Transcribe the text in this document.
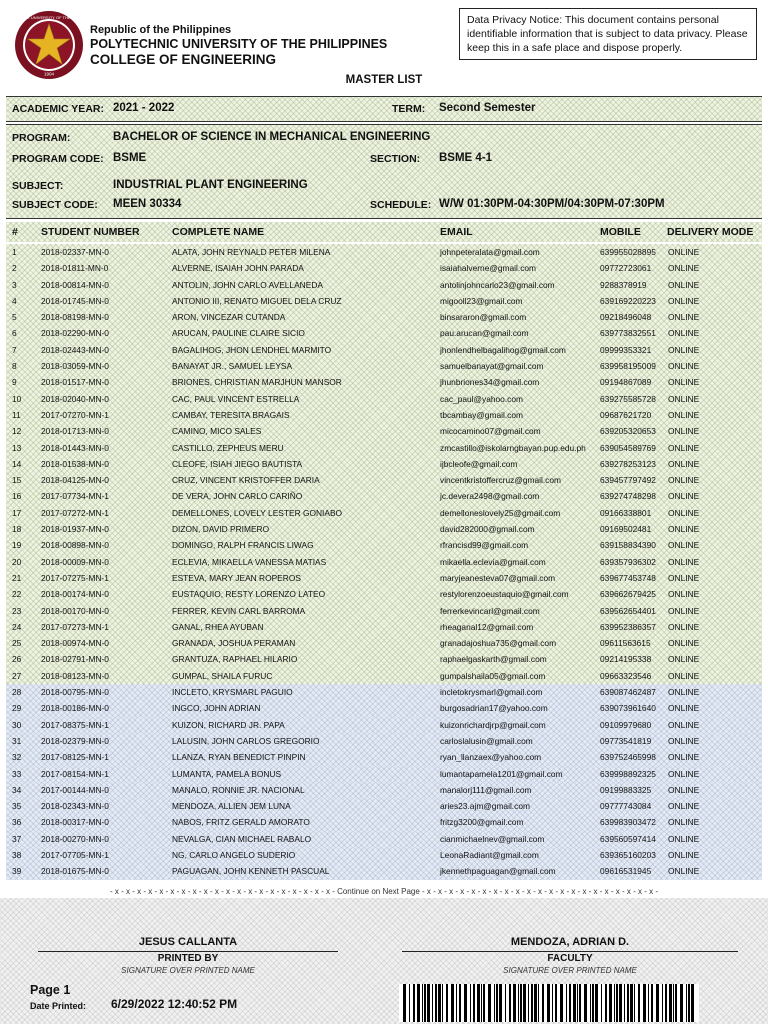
POLYTECHNIC UNIVERSITY OF THE PHILIPPINES
1904
Republic of the Philippines
POLYTECHNIC UNIVERSITY OF THE PHILIPPINES
COLLEGE OF ENGINEERING
Data Privacy Notice: This document contains personal identifiable information that is subject to data privacy. Please keep this in a safe place and dispose properly.
MASTER LIST
ACADEMIC YEAR: 2021 - 2022	TERM: Second Semester
PROGRAM:	BACHELOR OF SCIENCE IN MECHANICAL ENGINEERING
PROGRAM CODE: BSME	SECTION: BSME 4-1
SUBJECT:	INDUSTRIAL PLANT ENGINEERING
SUBJECT CODE: MEEN 30334	SCHEDULE: W/W 01:30PM-04:30PM/04:30PM-07:30PM
# STUDENT NUMBER	COMPLETE NAME	EMAIL	MOBILE DELIVERY MODE
1	2018-02337-MN-0	ALATA, JOHN REYNALD PETER MILENA	johnpeteralata@gmail.com	639955028895 ONLINE
2	2018-01811-MN-0	ALVERNE, ISAIAH JOHN PARADA	isaiahalverne@gmail.com	09772723061 ONLINE
3	2018-00814-MN-0	ANTOLIN, JOHN CARLO AVELLANEDA	antolinjohncarlo23@gmail.com	9288378919	ONLINE
4	2018-01745-MN-0	ANTONIO III, RENATO MIGUEL DELA CRUZ	migooll23@gmail.com	639169220223 ONLINE
5	2018-08198-MN-0	ARON, VINCEZAR CUTANDA	binsararon@gmail.com	09218496048 ONLINE
6	2018-02290-MN-0	ARUCAN, PAULINE CLAIRE SICIO	pau.arucan@gmail.com	639773832551 ONLINE
7	2018-02443-MN-0	BAGALIHOG, JHON LENDHEL MARMITO	jhonlendhelbagalihog@gmail.com	09999353321 ONLINE
8	2018-03059-MN-0	BANAYAT JR., SAMUEL LEYSA	samuelbanayat@gmail.com	639958195009 ONLINE
9	2018-01517-MN-0	BRIONES, CHRISTIAN MARJHUN MANSOR	jhunbriones34@gmail.com	09194867089 ONLINE
10 2018-02040-MN-0	CAC, PAUL VINCENT ESTRELLA	cac_paul@yahoo.com	639275585728 ONLINE
11 2017-07270-MN-1	CAMBAY, TERESITA BRAGAIS	tbcambay@gmail.com	09687621720 ONLINE
12 2018-01713-MN-0	CAMINO, MICO SALES	micocamino07@gmail.com	639205320653 ONLINE
13 2018-01443-MN-0	CASTILLO, ZEPHEUS MERU	zmcastillo@iskolarngbayan.pup.edu.ph 639054589769 ONLINE
14 2018-01538-MN-0	CLEOFE, ISIAH JIEGO BAUTISTA	ijbcleofe@gmail.com	639278253123 ONLINE
15 2018-04125-MN-0	CRUZ, VINCENT KRISTOFFER DARIA	vincentkristoffercruz@gmail.com	639457797492 ONLINE
16 2017-07734-MN-1	DE VERA, JOHN CARLO CARIÑO	jc.devera2498@gmail.com	639274748298 ONLINE
17 2017-07272-MN-1	DEMELLONES, LOVELY LESTER GONIABO	demelloneslovely25@gmail.com	09166338801 ONLINE
18 2018-01937-MN-0	DIZON, DAVID PRIMERO	david282000@gmail.com	09169502481 ONLINE
19 2018-00898-MN-0	DOMINGO, RALPH FRANCIS LIWAG	rfrancisd99@gmail.com	639158834390 ONLINE
20 2018-00009-MN-0	ECLEVIA, MIKAELLA VANESSA MATIAS	mikaella.eclevia@gmail.com	639357936302 ONLINE
21 2017-07275-MN-1	ESTEVA, MARY JEAN ROPEROS	maryjeanesteva07@gmail.com	639677453748 ONLINE
22 2018-00174-MN-0	EUSTAQUIO, RESTY LORENZO LATEO	restylorenzoeustaquio@gmail.com	639662679425 ONLINE
23 2018-00170-MN-0	FERRER, KEVIN CARL BARROMA	ferrerkevincarl@gmail.com	639562654401 ONLINE
24 2017-07273-MN-1	GANAL, RHEA AYUBAN	rheaganal12@gmail.com	639952386357 ONLINE
25 2018-00974-MN-0	GRANADA, JOSHUA PERAMAN	granadajoshua735@gmail.com	09611563615 ONLINE
26 2018-02791-MN-0	GRANTUZA, RAPHAEL HILARIO	raphaelgaskarth@gmail.com	09214195338 ONLINE
27 2018-08123-MN-0	GUMPAL, SHAILA FURUC	gumpalshaila05@gmail.com	09663323546 ONLINE
28 2018-00795-MN-0	INCLETO, KRYSMARL PAGUIO	incletokrysmarl@gmail.com	639087462487 ONLINE
29 2018-00186-MN-0	INGCO, JOHN ADRIAN	burgosadrian17@yahoo.com	639073961640 ONLINE
30 2017-08375-MN-1	KUIZON, RICHARD JR. PAPA	kuizonrichardjrp@gmail.com	09109979680 ONLINE
31 2018-02379-MN-0	LALUSIN, JOHN CARLOS GREGORIO	carloslalusin@gmail.com	09773541819 ONLINE
32 2017-08125-MN-1	LLANZA, RYAN BENEDICT PINPIN	ryan_llanzaex@yahoo.com	639752465998 ONLINE
33 2017-08154-MN-1	LUMANTA, PAMELA BONUS	lumantapamela1201@gmail.com	639998892325 ONLINE
34 2017-00144-MN-0	MANALO, RONNIE JR. NACIONAL	manalorj111@gmail.com	09199883325 ONLINE
35 2018-02343-MN-0	MENDOZA, ALLIEN JEM LUNA	aries23.ajm@gmail.com	09777743084 ONLINE
36 2018-00317-MN-0	NABOS, FRITZ GERALD AMORATO	fritzg3200@gmail.com	639983903472 ONLINE
37 2018-00270-MN-0	NEVALGA, CIAN MICHAEL RABALO	cianmichaelnev@gmail.com	639560597414 ONLINE
38 2017-07705-MN-1	NG, CARLO ANGELO SUDERIO	LeonaRadiant@gmail.com	639365160203 ONLINE
39 2018-01675-MN-0	PAGUAGAN, JOHN KENNETH PASCUAL	jkennethpaguagan@gmail.com	09616531945 ONLINE
- x - x - x - x - x - x - x - x - x - x - x - x - x - x - x - x - x - x - x - x - Continue on Next Page - x - x - x - x - x - x - x - x - x - x - x - x - x - x - x - x - x - x - x - x - x -
JESUS CALLANTA
PRINTED BY
SIGNATURE OVER PRINTED NAME
MENDOZA, ADRIAN D.
FACULTY
SIGNATURE OVER PRINTED NAME
Page 1
Date Printed: 6/29/2022 12:40:52 PM
